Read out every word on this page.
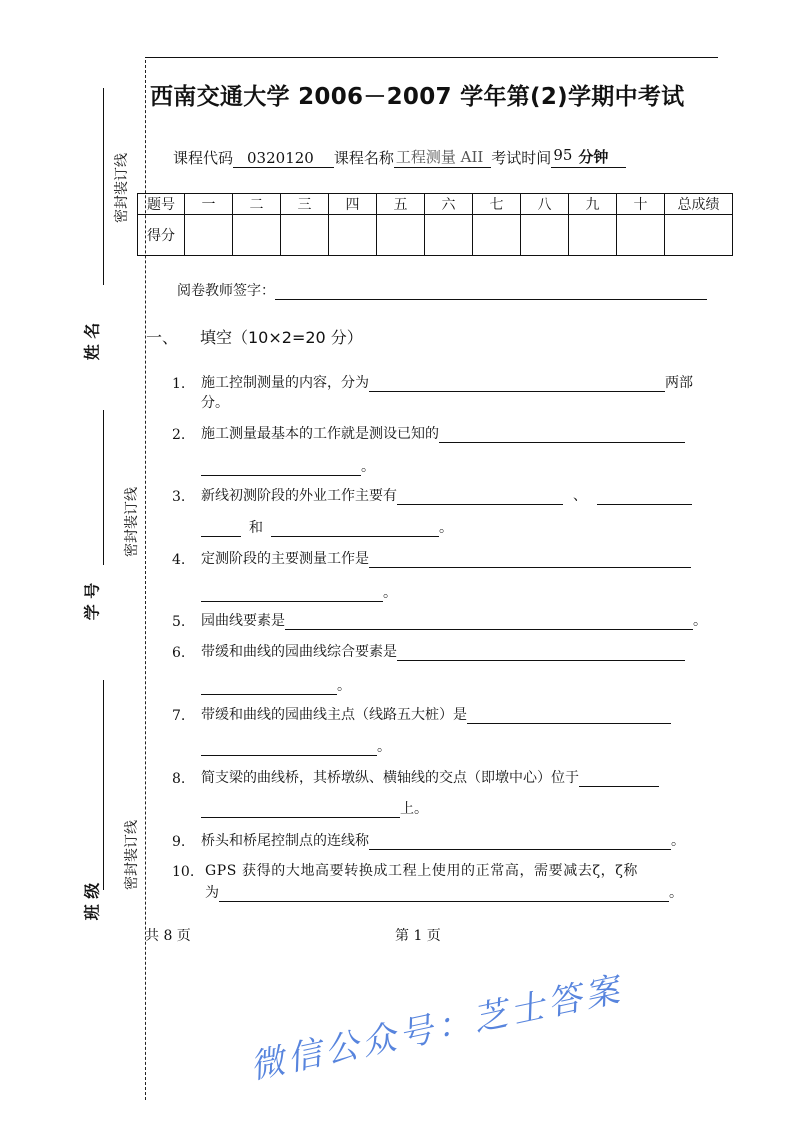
姓 名
学 号
班 级
密封装订线
密封装订线
密封装订线
西南交通大学 2006－2007 学年第(2)学期中考试
课程代码 0320120	课程名称 工程测量 AII 考试时间 95 分钟
题号	一	二	三	四	五	六	七	八	九	十	总成绩
得分											
阅卷教师签字：
一、	填空（10×2=20 分）
1.	施工控制测量的内容，分为	两部
分。
2.	施工测量最基本的工作就是测设已知的
。
3.	新线初测阶段的外业工作主要有	、
和	。
4.	定测阶段的主要测量工作是
。
5.	园曲线要素是	。
6.	带缓和曲线的园曲线综合要素是
。
7.	带缓和曲线的园曲线主点（线路五大桩）是
。
8.	简支梁的曲线桥，其桥墩纵、横轴线的交点（即墩中心）位于
上。
9.	桥头和桥尾控制点的连线称	。
10. GPS 获得的大地高要转换成工程上使用的正常高，需要减去ζ，ζ称
为	。
共 8 页	第 1 页
微信公众号：芝士答案
